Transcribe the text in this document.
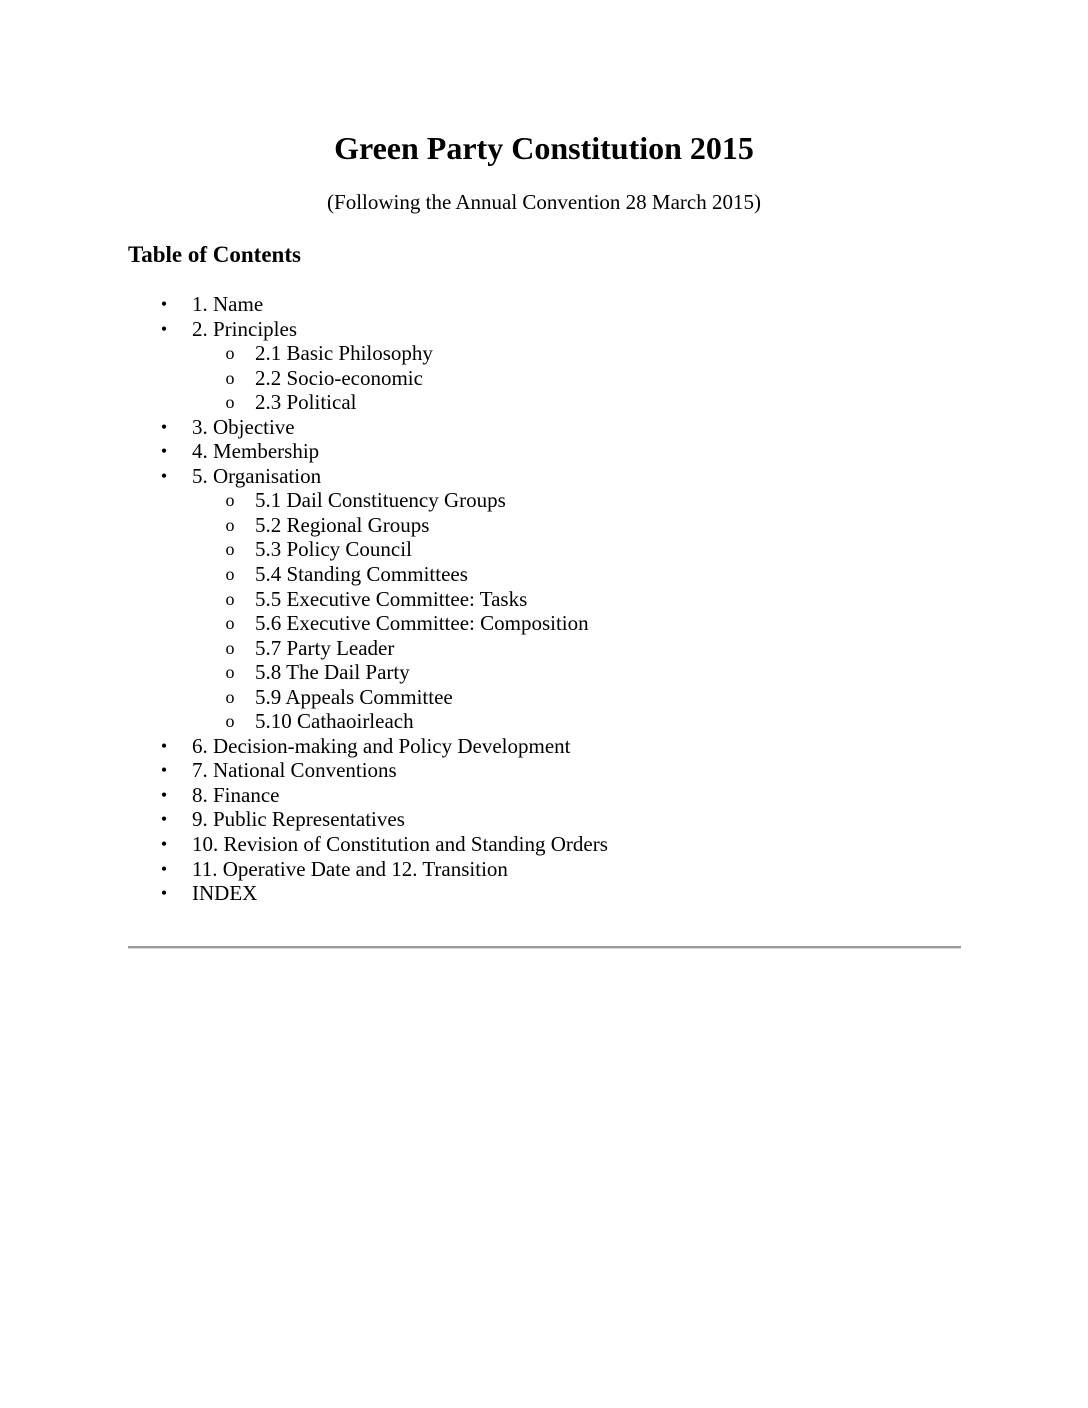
Green Party Constitution 2015

(Following the Annual Convention 28 March 2015)

Table of Contents
•	1. Name
•	2. Principles
o 2.1 Basic Philosophy
o 2.2 Socio-economic
o 2.3 Political
•	3. Objective
•	4. Membership
•	5. Organisation
o 5.1 Dail Constituency Groups
o 5.2 Regional Groups
o 5.3 Policy Council
o 5.4 Standing Committees
o 5.5 Executive Committee: Tasks
o 5.6 Executive Committee: Composition
o 5.7 Party Leader
o 5.8 The Dail Party
o 5.9 Appeals Committee
o 5.10 Cathaoirleach
•	6. Decision-making and Policy Development
•	7. National Conventions
•	8. Finance
•	9. Public Representatives
•	10. Revision of Constitution and Standing Orders
•	11. Operative Date and 12. Transition
•	INDEX
